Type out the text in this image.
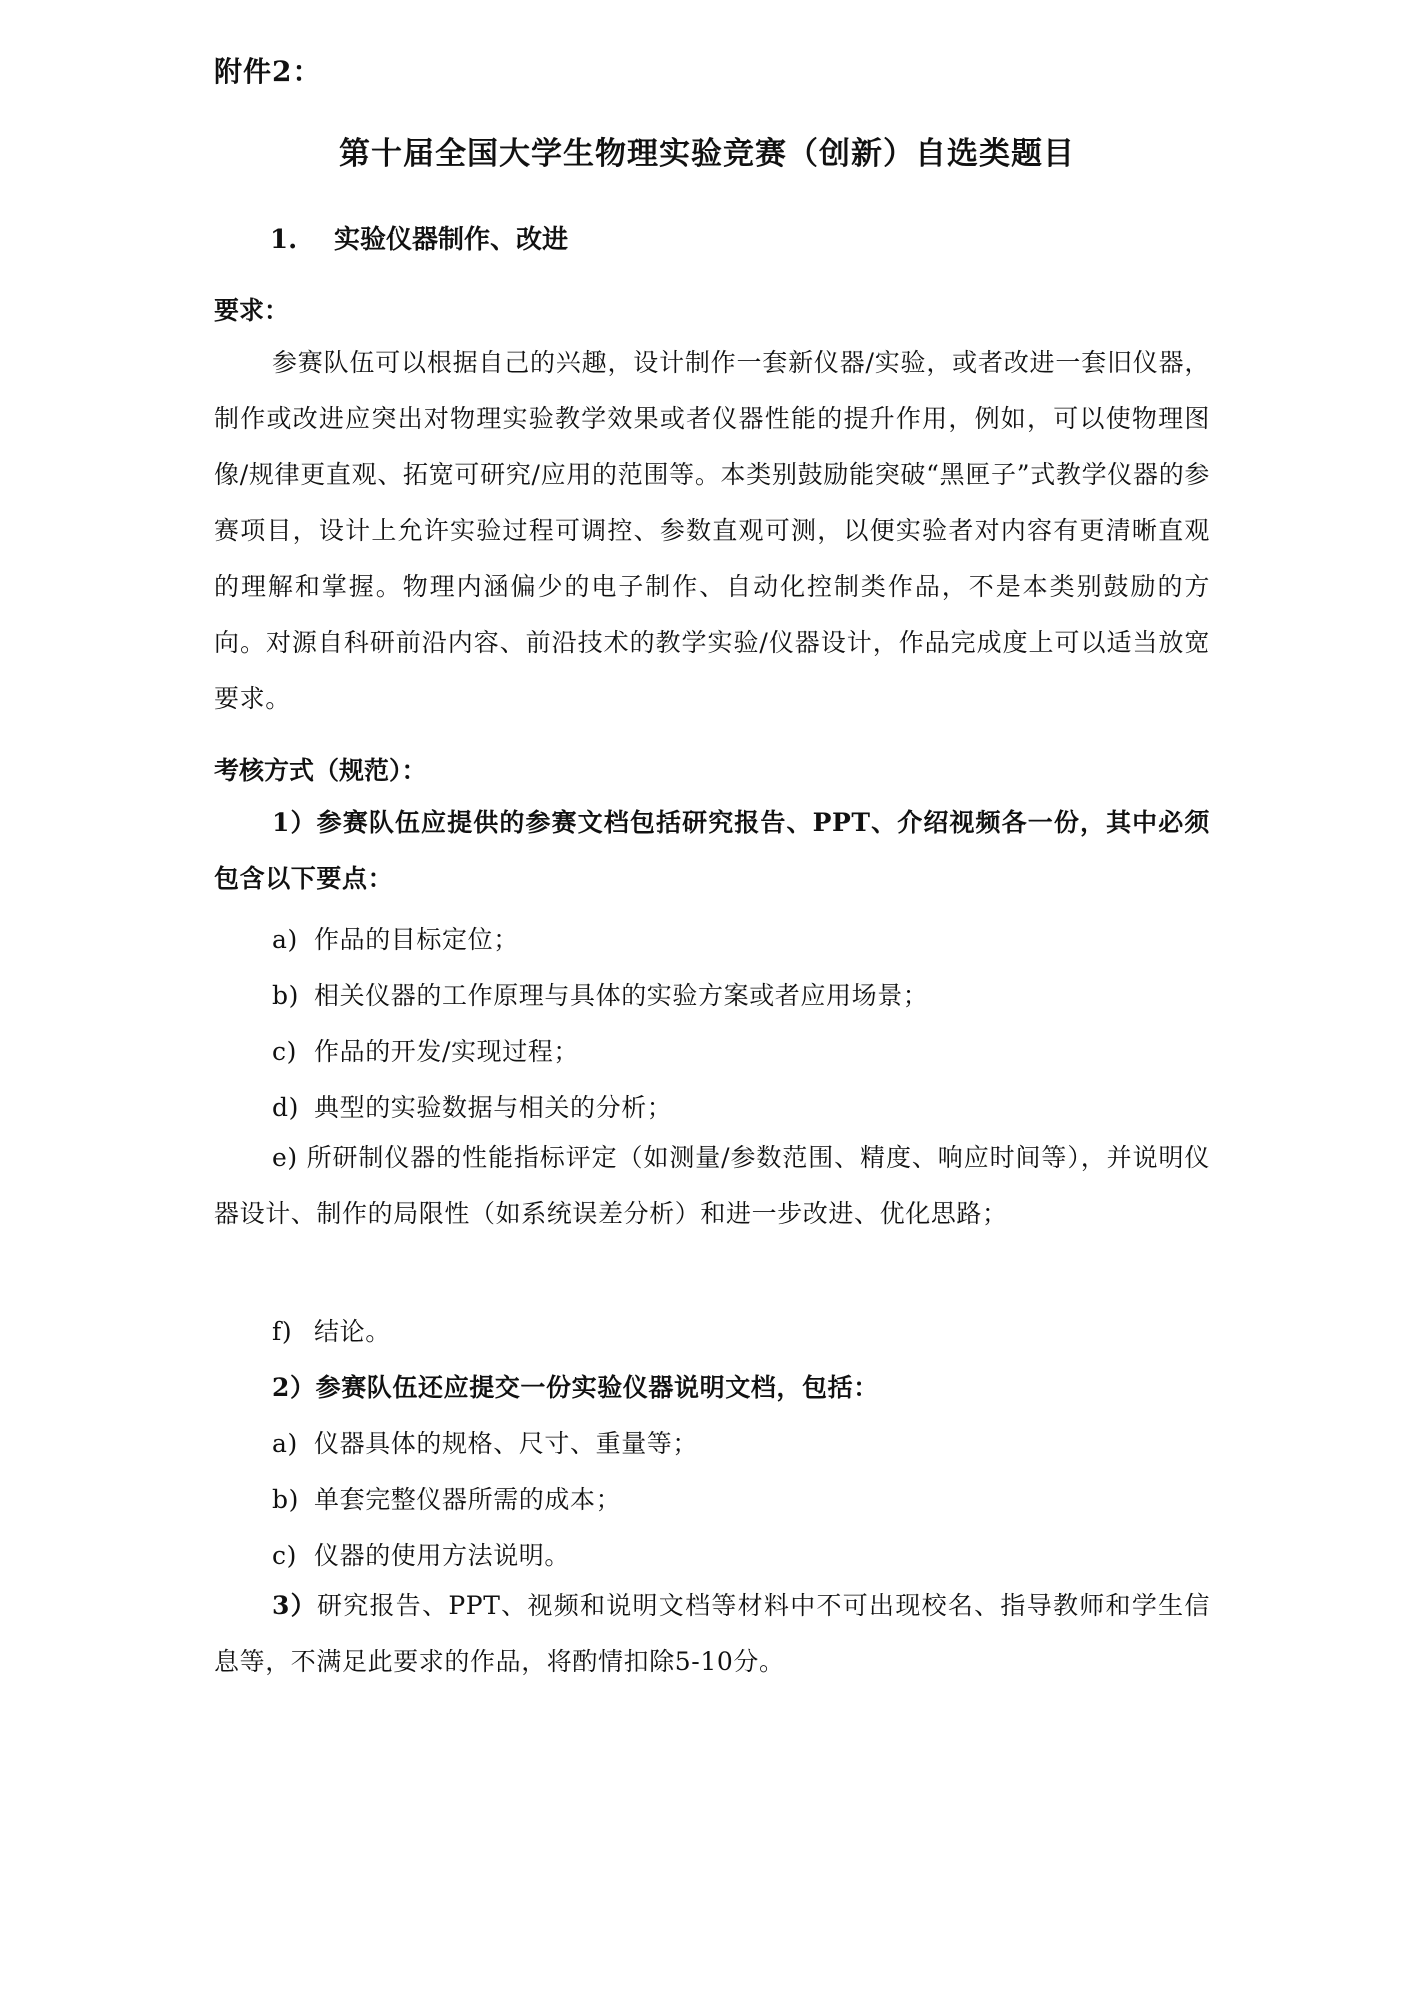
附件2：
第十届全国大学生物理实验竞赛（创新）自选类题目
1. 实验仪器制作、改进
要求：
参赛队伍可以根据自己的兴趣，设计制作一套新仪器/实验，或者改进一套旧仪器，制作或改进应突出对物理实验教学效果或者仪器性能的提升作用，例如，可以使物理图像/规律更直观、拓宽可研究/应用的范围等。本类别鼓励能突破“黑匣子”式教学仪器的参赛项目，设计上允许实验过程可调控、参数直观可测，以便实验者对内容有更清晰直观的理解和掌握。物理内涵偏少的电子制作、自动化控制类作品，不是本类别鼓励的方向。对源自科研前沿内容、前沿技术的教学实验/仪器设计，作品完成度上可以适当放宽要求。
考核方式（规范）：
1）参赛队伍应提供的参赛文档包括研究报告、PPT、介绍视频各一份，其中必须包含以下要点：
a) 作品的目标定位；
b) 相关仪器的工作原理与具体的实验方案或者应用场景；
c) 作品的开发/实现过程；
d) 典型的实验数据与相关的分析；
e) 所研制仪器的性能指标评定（如测量/参数范围、精度、响应时间等），并说明仪器设计、制作的局限性（如系统误差分析）和进一步改进、优化思路；
f) 结论。
2）参赛队伍还应提交一份实验仪器说明文档，包括：
a) 仪器具体的规格、尺寸、重量等；
b) 单套完整仪器所需的成本；
c) 仪器的使用方法说明。
3）研究报告、PPT、视频和说明文档等材料中不可出现校名、指导教师和学生信息等，不满足此要求的作品，将酌情扣除5-10分。
